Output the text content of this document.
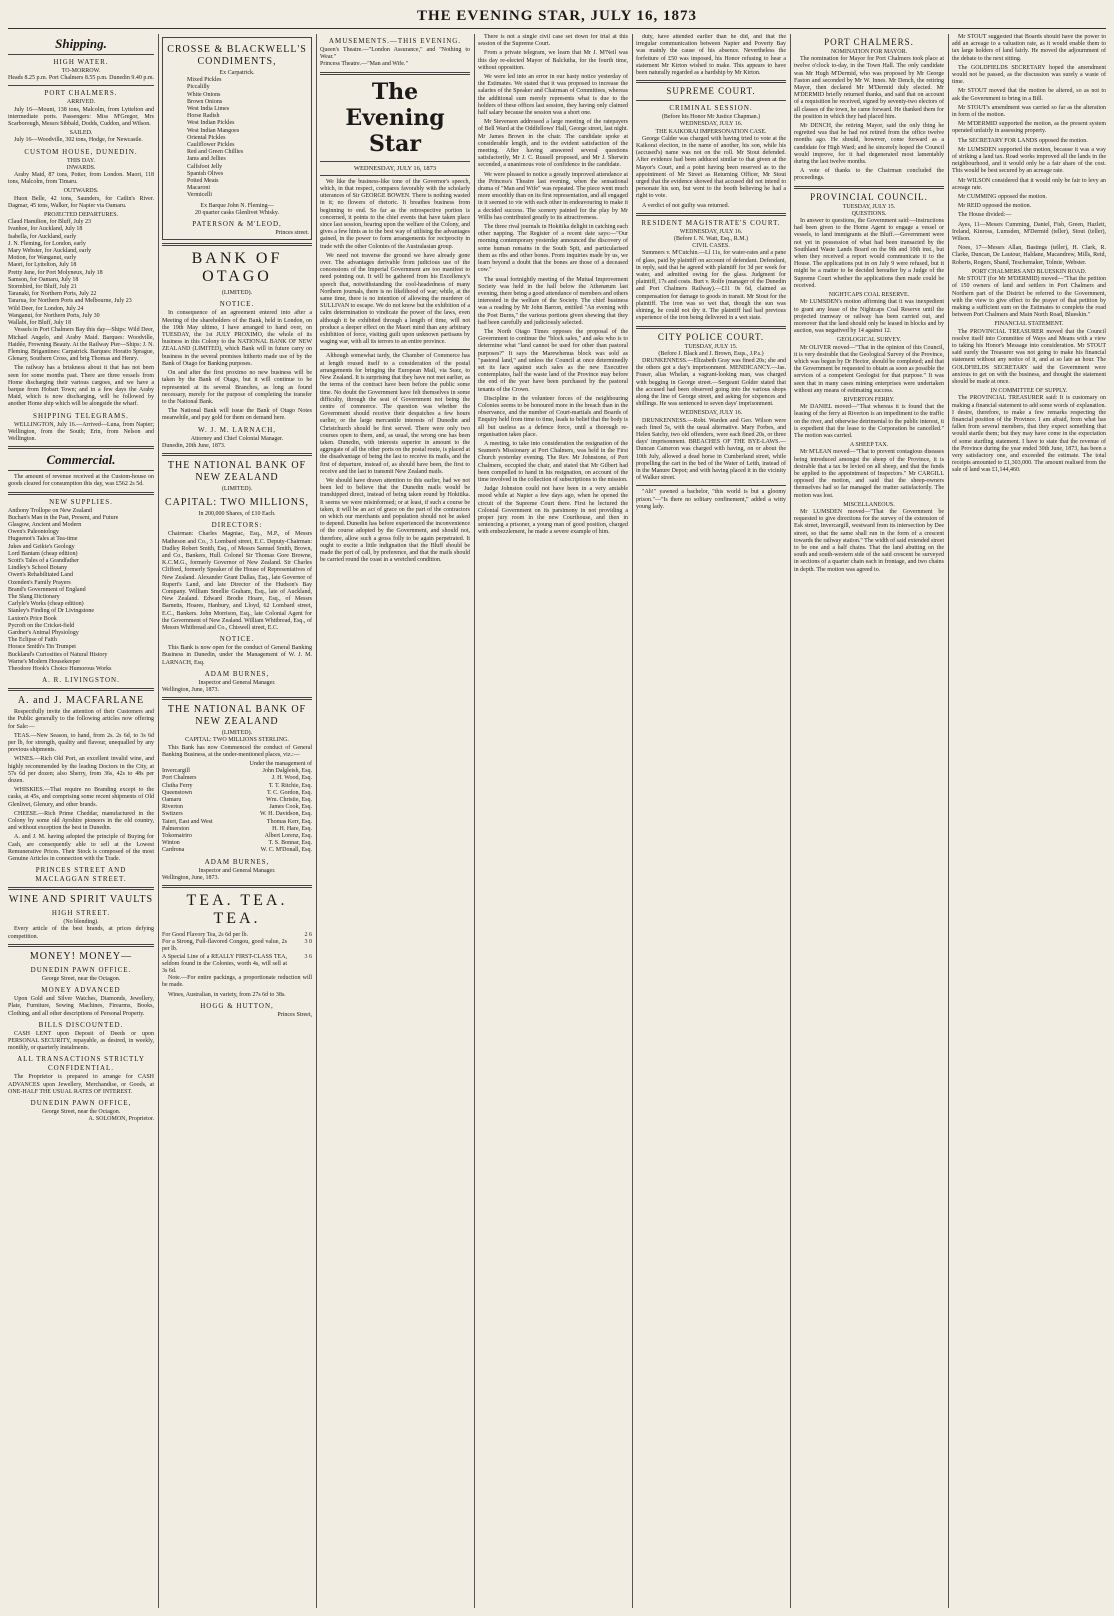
THE EVENING STAR, JULY 16, 1873
Shipping.
HIGH WATER.
TO-MORROW.
Heads 8.25 p.m. Port Chalmers 8.55 p.m. Dunedin 9.40 p.m.
PORT CHALMERS.
ARRIVED.

July 16—Mount, 138 tons, Malcolm, from Lyttelton and intermediate ports. Passengers: Miss M'Gregor, Mrs Scarborough, Messrs Sibbald, Dodds, Cuddon, and Wilson.

SAILED.

July 16—Woodville, 302 tons, Hodge, for Newcastle.

CUSTOM HOUSE, DUNEDIN.
THIS DAY.
INWARDS.

Araby Maid, 87 tons, Potter, from London. Maori, 118 tons, Malcolm, from Timaru.

OUTWARDS.

Huon Belle, 42 tons, Saunders, for Catlin's River. Dagmar, 45 tons, Walker, for Napier via Oamaru.

PROJECTED DEPARTURES.
Claud Hamilton, for Bluff, July 23
Ivanhoe, for Auckland, July 18
Isabella, for Auckland, early
J. N. Fleming, for London, early
Mary Webster, for Auckland, early
Motion, for Wanganui, early
Maori, for Lyttelton, July 18
Pretty Jane, for Port Molyneux, July 18
Samson, for Oamaru, July 18
Stormbird, for Bluff, July 21
Taranaki, for Northern Ports, July 22
Tararua, for Northern Ports and Melbourne, July 23
Wild Deer, for London, July 24
Wanganui, for Northern Ports, July 30
Wallabi, for Bluff, July 18

Vessels in Port Chalmers Bay this day—Ships: Wild Deer, Michael Angelo, and Araby Maid. Barques: Woodville, Haidée, Frowning Beauty. At the Railway Pier—Ships: J. N. Fleming. Brigantines: Carpatrick. Barques: Horatio Sprague, Glenary, Southern Cross, and brig Thomas and Henry.

The railway has a briskness about it that has not been seen for some months past. There are three vessels from Home discharging their various cargoes, and we have a barque from Hobart Town; and in a few days the Araby Maid, which is now discharging, will be followed by another Home ship which will be alongside the wharf.

SHIPPING TELEGRAMS.

WELLINGTON, July 16.—Arrived—Luna, from Napier; Wellington, from the South; Erin, from Nelson and Wellington.

Commercial.

The amount of revenue received at the Custom-house on goods cleared for consumption this day, was £562 2s 5d.

NEW SUPPLIES.
Anthony Trollope on New Zealand
Buchan's Man in the Past, Present, and Future
Glasgow, Ancient and Modern
Owen's Paleontology
Huguenot's Tales at Tea-time
Jukes and Geikie's Geology
Lord Bantam (cheap edition)
Scott's Tales of a Grandfather
Lindley's School Botany
Owen's Rehabilitated Land
Ozenden's Family Prayers
Brand's Government of England
The Slang Dictionary
Carlyle's Works (cheap edition)
Stanley's Finding of Dr Livingstone
Laxton's Price Book
Pycroft on the Cricket-field
Gardner's Animal Physiology
The Eclipse of Faith
Horace Smith's Tin Trumpet
Buckland's Curiosities of Natural History
Warne's Modern Housekeeper
Theodore Hook's Choice Humorous Works
A. R. LIVINGSTON.
A. and J. MACFARLANE

Respectfully invite the attention of their Customers and the Public generally to the following articles now offering for Sale:—

TEAS.—New Season, to hand, from 2s. 2s 6d, to 3s 6d per lb, for strength, quality and flavour, unequalled by any previous shipments.

WINES.—Rich Old Port, an excellent invalid wine, and highly recommended by the leading Doctors in the City, at 57s 6d per dozen; also Sherry, from 36s, 42s to 48s per dozen.

WHISKIES.—That require no Branding except to the casks, at 45s, and comprising some recent shipments of Old Glenlivet, Glenury, and other brands.

CHEESE.—Rich Prime Cheddar, manufactured in the Colony by some old Ayrshire pioneers in the old country, and without exception the best in Dunedin.

A. and J. M. having adopted the principle of Buying for Cash, are consequently able to sell at the Lowest Remunerative Prices. Their Stock is composed of the most Genuine Articles in connection with the Trade.

PRINCES STREET AND MACLAGGAN STREET.
WINE AND SPIRIT VAULTS
HIGH STREET.
(No blending).

Every article of the best brands, at prices defying competition.

MONEY! MONEY—
DUNEDIN PAWN OFFICE.
George Street, near the Octagon.
MONEY ADVANCED

Upon Gold and Silver Watches, Diamonds, Jewellery, Plate, Furniture, Sewing Machines, Firearms, Books, Clothing, and all other descriptions of Personal Property.

BILLS DISCOUNTED.

CASH LENT upon Deposit of Deeds or upon PERSONAL SECURITY, repayable, as desired, in weekly, monthly, or quarterly instalments.

ALL TRANSACTIONS STRICTLY CONFIDENTIAL.

The Proprietor is prepared to arrange for CASH ADVANCES upon Jewellery, Merchandise, or Goods, at ONE-HALF THE USUAL RATES OF INTEREST.

DUNEDIN PAWN OFFICE,
George Street, near the Octagon.
A. SOLOMON, Proprietor.
CROSSE & BLACKWELL'S CONDIMENTS,
Ex Carpatrick.
Mixed Pickles
Piccalilly
White Onions
Brown Onions
West India Limes
Horse Radish
West Indian Pickles
West Indian Mangoes
Oriental Pickles
Cauliflower Pickles
Red and Green Chillies
Jams and Jellies
Calfsfoot Jelly
Spanish Olives
Potted Meats
Macaroni
Vermicelli
Ex Barque John N. Fleming—
20 quarter casks Glenlivet Whisky.
PATERSON & M'LEOD,
Princes street.
BANK OF OTAGO
(LIMITED).
NOTICE.

In consequence of an agreement entered into after a Meeting of the shareholders of the Bank, held in London, on the 19th May ultimo, I have arranged to hand over, on TUESDAY, the 1st JULY PROXIMO, the whole of its business in this Colony to the NATIONAL BANK OF NEW ZEALAND (LIMITED), which Bank will in future carry on business in the several premises hitherto made use of by the Bank of Otago for Banking purposes.

On and after the first proximo no new business will be taken by the Bank of Otago, but it will continue to be represented at its several Branches, as long as found necessary, merely for the purpose of completing the transfer to the National Bank.

The National Bank will issue the Bank of Otago Notes meanwhile, and pay gold for them on demand here.

W. J. M. LARNACH,
Attorney and Chief Colonial Manager.
Dunedin, 20th June, 1873.
THE NATIONAL BANK OF NEW ZEALAND
(LIMITED).
CAPITAL: TWO MILLIONS,
In 200,000 Shares, of £10 Each.
DIRECTORS:

Chairman: Charles Magniac, Esq., M.P., of Messrs Matheson and Co., 3 Lombard street, E.C. Deputy-Chairman: Dudley Robert Smith, Esq., of Messrs Samuel Smith, Brown, and Co., Bankers, Hull. Colonel Sir Thomas Gore Browne, K.C.M.G., formerly Governor of New Zealand. Sir Charles Clifford, formerly Speaker of the House of Representatives of New Zealand. Alexander Grant Dallas, Esq., late Governor of Rupert's Land, and late Director of the Hudson's Bay Company. William Smellie Graham, Esq., late of Auckland, New Zealand. Edward Brodie Hoare, Esq., of Messrs Barnetts, Hoares, Hanbury, and Lloyd, 62 Lombard street, E.C., Bankers. John Morrison, Esq., late Colonial Agent for the Government of New Zealand. William Whitbread, Esq., of Messrs Whitbread and Co., Chiswell street, E.C.

NOTICE.

This Bank is now open for the conduct of General Banking Business in Dunedin, under the Management of W. J. M. LARNACH, Esq.

ADAM BURNES,
Inspector and General Manager.
Wellington, June, 1873.
THE NATIONAL BANK OF NEW ZEALAND
(LIMITED).
CAPITAL: TWO MILLIONS STERLING.

This Bank has now Commenced the conduct of General Banking Business, at the under-mentioned places, viz.:—

Under the management of
Invercargill	John Dalgleish, Esq.
Port Chalmers	J. H. Wood, Esq.
Clutha Ferry	T. T. Ritchie, Esq.
Queenstown	T. C. Gordon, Esq.
Oamaru	Wm. Christie, Esq.
Riverton	James Cook, Esq.
Switzers	W. H. Davidson, Esq.
Taieri, East and West	Thomas Kerr, Esq.
Palmerston	H. H. Hare, Esq.
Tokomairiro	Albert Lorenz, Esq.
Winton	T. S. Bonnar, Esq.
Cardrona	W. C. M'Donall, Esq.
ADAM BURNES,
Inspector and General Manager.
Wellington, June, 1873.
TEA. TEA. TEA.
For Good Flavory Tea, 2s 6d per lb.	2 6
For a Strong, Full-flavored Congou, good value, 2s per lb.
3 0
A Special Line of a REALLY FIRST-CLASS TEA, seldom found in the Colonies, worth 4s, will sell at 3s 6d.
3 6

Note.—For entire packings, a proportionate reduction will be made.

Wines, Australian, in variety, from 27s 6d to 38s.

HOGG & HUTTON,
Princes Street,
AMUSEMENTS.—THIS EVENING.
Queen's Theatre.—"London Assurance," and "Nothing to Wear."
Princess Theatre.—"Man and Wife."
The Evening Star
WEDNESDAY, JULY 16, 1873

We like the business-like tone of the Governor's speech, which, in that respect, compares favorably with the scholarly utterances of Sir GEORGE BOWEN. There is nothing wasted in it; no flowers of rhetoric. It breathes business from beginning to end. So far as the retrospective portion is concerned, it points to the chief events that have taken place since last session, bearing upon the welfare of the Colony, and gives a few hints as to the best way of utilising the advantages gained, in the power to form arrangements for reciprocity in trade with the other Colonies of the Australasian group.

We need not traverse the ground we have already gone over. The advantages derivable from judicious use of the concessions of the Imperial Government are too manifest to need pointing out. It will be gathered from his Excellency's speech that, notwithstanding the cool-headedness of many Northern journals, there is no likelihood of war; while, at the same time, there is no intention of allowing the murderer of SULLIVAN to escape. We do not know but the exhibition of a calm determination to vindicate the power of the laws, even although it be exhibited through a length of time, will not produce a deeper effect on the Maori mind than any arbitrary exhibition of force, visiting guilt upon unknown partisans by waging war, with all its terrors to an entire province.

Although somewhat tardy, the Chamber of Commerce has at length roused itself to a consideration of the postal arrangements for bringing the European Mail, via Suez, to New Zealand. It is surprising that they have not met earlier, as the terms of the contract have been before the public some time. No doubt the Government have felt themselves in some difficulty, through the seat of Government not being the centre of commerce. The question was whether the Government should receive their despatches a few hours earlier, or the large mercantile interests of Dunedin and Christchurch should be first served. There were only two courses open to them, and, as usual, the wrong one has been taken. Dunedin, with interests superior in amount to the aggregate of all the other ports on the postal route, is placed at the disadvantage of being the last to receive its mails, and the first of departure, instead of, as should have been, the first to receive and the last to transmit New Zealand mails.

We should have drawn attention to this earlier, had we not been led to believe that the Dunedin mails would be transhipped direct, instead of being taken round by Hokitika. It seems we were misinformed; or at least, if such a course be taken, it will be an act of grace on the part of the contractors on which our merchants and population should not be asked to depend. Dunedin has before experienced the inconvenience of the course adopted by the Government, and should not, therefore, allow such a gross folly to be again perpetrated. It ought to excite a little indignation that the Bluff should be made the port of call, by preference, and that the mails should be carried round the coast in a wretched condition.

There is not a single civil case set down for trial at this session of the Supreme Court.

From a private telegram, we learn that Mr J. M'Neil was this day re-elected Mayor of Balclutha, for the fourth time, without opposition.

We were led into an error in our hasty notice yesterday of the Estimates. We stated that it was proposed to increase the salaries of the Speaker and Chairman of Committees, whereas the additional sum merely represents what is due to the holders of these offices last session, they having only claimed half salary because the session was a short one.

Mr Stevenson addressed a large meeting of the ratepayers of Bell Ward at the Oddfellows' Hall, George street, last night. Mr James Brown in the chair. The candidate spoke at considerable length, and to the evident satisfaction of the meeting. After having answered several questions satisfactorily, Mr J. C. Russell proposed, and Mr J. Sherwin seconded, a unanimous vote of confidence in the candidate.

We were pleased to notice a greatly improved attendance at the Princess's Theatre last evening, when the sensational drama of "Man and Wife" was repeated. The piece went much more smoothly than on its first representation, and all engaged in it seemed to vie with each other in endeavouring to make it a decided success. The scenery painted for the play by Mr Willis has contributed greatly to its attractiveness.

The three rival journals in Hokitika delight in catching each other napping. The Register of a recent date says:—"Our morning contemporary yesterday announced the discovery of some human remains in the South Spit, and particularised them as ribs and other bones. From inquiries made by us, we learn beyond a doubt that the bones are those of a deceased cow."

The usual fortnightly meeting of the Mutual Improvement Society was held in the hall below the Athenæum last evening, there being a good attendance of members and others interested in the welfare of the Society. The chief business was a reading by Mr John Barron, entitled "An evening with the Poet Burns," the various portions given shewing that they had been carefully and judiciously selected.

The North Otago Times opposes the proposal of the Government to continue the "block sales," and asks who is to determine what "land cannot be used for other than pastoral purposes?" It says the Marewhenua block was sold as "pastoral land," and unless the Council at once determinedly set its face against such sales as the new Executive contemplates, half the waste land of the Province may before the end of the year have been purchased by the pastoral tenants of the Crown.

Discipline in the volunteer forces of the neighbouring Colonies seems to be honoured more in the breach than in the observance, and the number of Court-martials and Boards of Enquiry held from time to time, leads to belief that the body is all but useless as a defence force, until a thorough re-organisation takes place.

A meeting, to take into consideration the resignation of the Seamen's Missionary at Port Chalmers, was held in the First Church yesterday evening. The Rev. Mr Johnstone, of Port Chalmers, occupied the chair, and stated that Mr Gilbert had been compelled to hand in his resignation, on account of the time involved in the collection of subscriptions to the mission.

Judge Johnston could not have been in a very amiable mood while at Napier a few days ago, when he opened the circuit of the Supreme Court there. First he lectured the Colonial Government on its parsimony in not providing a proper jury room in the new Courthouse, and then in sentencing a prisoner, a young man of good position, charged with embezzlement, he made a severe example of him.

duty, have attended earlier than he did, and that the irregular communication between Napier and Poverty Bay was mainly the cause of his absence. Nevertheless the forfeiture of £50 was imposed, his Honor refusing to hear a statement Mr Kirton wished to make. This appears to have been naturally regarded as a hardship by Mr Kirton.

SUPREME COURT.
CRIMINAL SESSION.
(Before his Honor Mr Justice Chapman.)
WEDNESDAY, JULY 16.
THE KAIKORAI IMPERSONATION CASE.

George Calder was charged with having tried to vote at the Kaikorai election, in the name of another, his son, while his (accused's) name was not on the roll. Mr Stout defended. After evidence had been adduced similar to that given at the Mayor's Court, and a point having been reserved as to the appointment of Mr Street as Returning Officer, Mr Stout urged that the evidence showed that accused did not intend to personate his son, but went to the booth believing he had a right to vote.

A verdict of not guilty was returned.

RESIDENT MAGISTRATE'S COURT.
WEDNESDAY, JULY 16.
(Before I. N. Watt, Esq., R.M.)
CIVIL CASES.

Summers v. M'Cutchin.—Ll 11s, for water-rates and a pane of glass, paid by plaintiff on account of defendant. Defendant, in reply, said that he agreed with plaintiff for 3d per week for water, and admitted owing for the glass. Judgment for plaintiff, 17s and costs. Burt v. Rolfe (manager of the Dunedin and Port Chalmers Railway).—£11 0s 6d, claimed as compensation for damage to goods in transit. Mr Stout for the plaintiff. The iron was so wet that, though the sun was shining, he could not dry it. The plaintiff had had previous experience of the iron being delivered in a wet state.

CITY POLICE COURT.
TUESDAY, JULY 15.
(Before J. Black and J. Brown, Esqs., J.P.s.)

DRUNKENNESS.—Elizabeth Gray was fined 20s; she and the others got a day's imprisonment. MENDICANCY.—Jas. Fraser, alias Whelan, a vagrant-looking man, was charged with begging in George street.—Sergeant Golder stated that the accused had been observed going into the various shops along the line of George street, and asking for sixpences and shillings. He was sentenced to seven days' imprisonment.

WEDNESDAY, JULY 16.

DRUNKENNESS.—Robt. Warden and Geo. Wilson were each fined 5s, with the usual alternative. Mary Forbes, and Helen Satchy, two old offenders, were each fined 20s, or three days' imprisonment. BREACHES OF THE BYE-LAWS.—Duncan Cameron was charged with having, on or about the 10th July, allowed a dead horse in Cumberland street, while propelling the cart in the bed of the Water of Leith, instead of in the Manure Depot; and with having placed it in the vicinity of Walker street.

"Ah!" yawned a bachelor, "this world is but a gloomy prison."—"Is there no solitary confinement," added a witty young lady.

PORT CHALMERS.
NOMINATION FOR MAYOR.

The nomination for Mayor for Port Chalmers took place at twelve o'clock to-day, in the Town Hall. The only candidate was Mr Hugh M'Dermid, who was proposed by Mr George Faston and seconded by Mr W. Innes. Mr Dench, the retiring Mayor, then declared Mr M'Dermid duly elected. Mr M'DERMID briefly returned thanks, and said that on account of a requisition he received, signed by seventy-two electors of all classes of the town, he came forward. He thanked them for the position in which they had placed him.

Mr DENCH, the retiring Mayor, said the only thing he regretted was that he had not retired from the office twelve months ago. He should, however, come forward as a candidate for High Ward; and he sincerely hoped the Council would improve, for it had degenerated most lamentably during the last twelve months.

A vote of thanks to the Chairman concluded the proceedings.

PROVINCIAL COUNCIL.
TUESDAY, JULY 15.
QUESTIONS.

In answer to questions, the Government said:—Instructions had been given to the Home Agent to engage a vessel or vessels, to land immigrants at the Bluff.—Government were not yet in possession of what had been transacted by the Southland Waste Lands Board on the 9th and 10th inst., but when they received a report would communicate it to the House. The applications put in on July 9 were refused, but it might be a matter to be decided hereafter by a Judge of the Supreme Court whether the applications then made could be received.

NIGHTCAPS COAL RESERVE.

Mr LUMSDEN's motion affirming that it was inexpedient to grant any lease of the Nightcaps Coal Reserve until the projected tramway or railway has been carried out, and moreover that the land should only be leased in blocks and by auction, was negatived by 14 against 12.

GEOLOGICAL SURVEY.

Mr OLIVER moved—"That in the opinion of this Council, it is very desirable that the Geological Survey of the Province, which was begun by Dr Hector, should be completed; and that the Government be requested to obtain as soon as possible the services of a competent Geologist for that purpose." It was seen that in many cases mining enterprises were undertaken without any means of estimating success.

RIVERTON FERRY.

Mr DANIEL moved—"That whereas it is found that the leasing of the ferry at Riverton is an impediment to the traffic on the river, and otherwise detrimental to the public interest, it is expedient that the lease to the Corporation be cancelled." The motion was carried.

A SHEEP TAX.

Mr M'LEAN moved—"That to prevent contagious diseases being introduced amongst the sheep of the Province, it is desirable that a tax be levied on all sheep, and that the funds be applied to the appointment of Inspectors." Mr CARGILL opposed the motion, and said that the sheep-owners themselves had so far managed the matter satisfactorily. The motion was lost.

MISCELLANEOUS.

Mr LUMSDEN moved—"That the Government be requested to give directions for the survey of the extension of Esk street, Invercargill, westward from its intersection by Dee street, so that the same shall run in the form of a crescent towards the railway station." The width of said extended street to be one and a half chains. That the land abutting on the south and south-western side of the said crescent be surveyed in sections of a quarter chain each in frontage, and two chains in depth. The motion was agreed to.

Mr STOUT suggested that Boards should have the power to add an acreage to a valuation rate, as it would enable them to tax large holders of land fairly. He moved the adjournment of the debate to the next sitting.

The GOLDFIELDS SECRETARY hoped the amendment would not be passed, as the discussion was surely a waste of time.

Mr STOUT moved that the motion be altered, so as not to ask the Government to bring in a Bill.

Mr STOUT's amendment was carried so far as the alteration in form of the motion.

Mr M'DERMID supported the motion, as the present system operated unfairly in assessing property.

The SECRETARY FOR LANDS opposed the motion.

Mr LUMSDEN supported the motion, because it was a way of striking a land tax. Road works improved all the lands in the neighbourhood, and it would only be a fair share of the cost. This would be best secured by an acreage rate.

Mr WILSON considered that it would only be fair to levy an acreage rate.

Mr CUMMING opposed the motion.

Mr REID opposed the motion.

The House divided:—

Ayes, 11—Messrs Cumming, Daniel, Fish, Green, Hazlett, Ireland, Kinross, Lumsden, M'Dermid (teller), Stout (teller), Wilson.

Noes, 17—Messrs Allan, Bastings (teller), H. Clark, R. Clarke, Duncan, De Lautour, Haldane, Macandrew, Mills, Reid, Roberts, Rogers, Shand, Teschemaker, Tolmie, Webster.

PORT CHALMERS AND BLUESKIN ROAD.

Mr STOUT (for Mr M'DERMID) moved—"That the petition of 150 owners of land and settlers in Port Chalmers and Northern part of the District be referred to the Government, with the view to give effect to the prayer of that petition by making a sufficient sum on the Estimates to complete the road between Port Chalmers and Main North Road, Blueskin."

FINANCIAL STATEMENT.

The PROVINCIAL TREASURER moved that the Council resolve itself into Committee of Ways and Means with a view to taking his Honor's Message into consideration. Mr STOUT said surely the Treasurer was not going to make his financial statement without any notice of it, and at so late an hour. The GOLDFIELDS SECRETARY said the Government were anxious to get on with the business, and thought the statement should be made at once.

IN COMMITTEE OF SUPPLY.

The PROVINCIAL TREASURER said: It is customary on making a financial statement to add some words of explanation. I desire, therefore, to make a few remarks respecting the financial position of the Province. I am afraid, from what has fallen from several members, that they expect something that would startle them; but they may have come in the expectation of some startling statement. I have to state that the revenue of the Province during the year ended 30th June, 1873, has been a very satisfactory one, and exceeded the estimate. The total receipts amounted to £1,303,000. The amount realised from the sale of land was £1,144,460.
